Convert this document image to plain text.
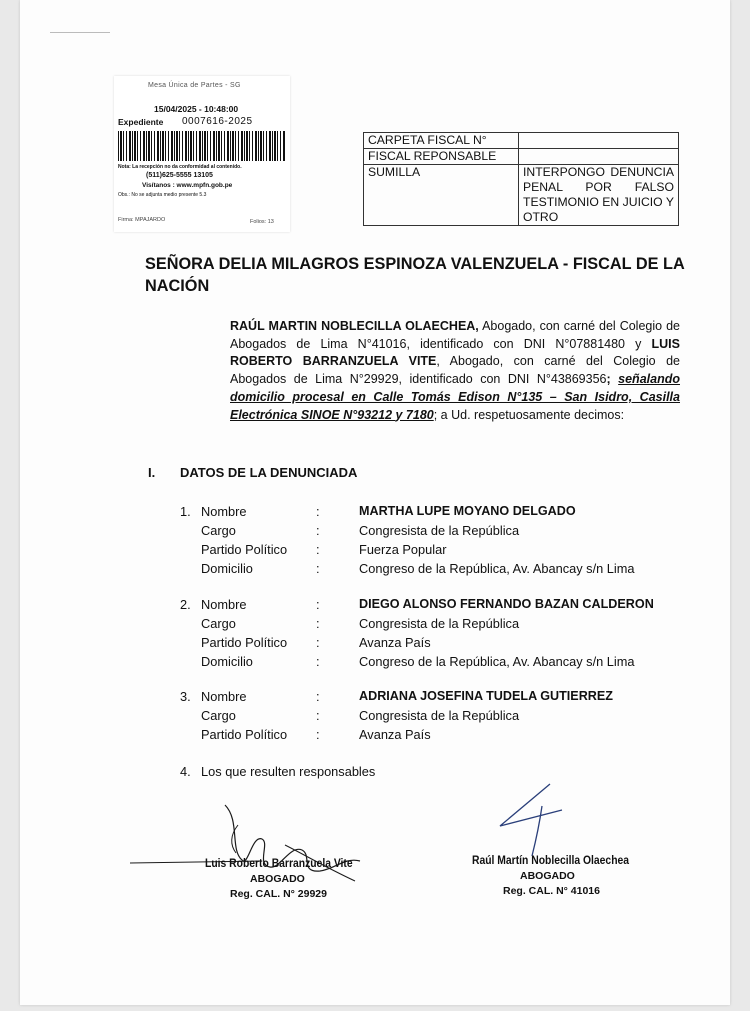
Mesa Única de Partes - SG
15/04/2025 - 10:48:00
Expediente 0007616-2025
Nota: La recepción no da conformidad al contenido.
(511)625-5555 13105
Visítanos : www.mpfn.gob.pe
Obs.: No se adjunta medio presente 5.3
Firma: MPAJARDO	Folios: 13
CARPETA FISCAL N°	
FISCAL REPONSABLE	
SUMILLA	INTERPONGO DENUNCIA PENAL POR FALSO TESTIMONIO EN JUICIO Y OTRO
SEÑORA DELIA MILAGROS ESPINOZA VALENZUELA - FISCAL DE LA NACIÓN
RAÚL MARTIN NOBLECILLA OLAECHEA, Abogado, con carné del Colegio de Abogados de Lima N°41016, identificado con DNI N°07881480 y LUIS ROBERTO BARRANZUELA VITE, Abogado, con carné del Colegio de Abogados de Lima N°29929, identificado con DNI N°43869356; señalando domicilio procesal en Calle Tomás Edison N°135 – San Isidro, Casilla Electrónica SINOE N°93212 y 7180; a Ud. respetuosamente decimos:
I. DATOS DE LA DENUNCIADA
1. Nombre	:	MARTHA LUPE MOYANO DELGADO
Cargo	:	Congresista de la República
Partido Político :	Fuerza Popular
Domicilio	:	Congreso de la República, Av. Abancay s/n Lima
2. Nombre	:	DIEGO ALONSO FERNANDO BAZAN CALDERON
Cargo	:	Congresista de la República
Partido Político :	Avanza País
Domicilio	:	Congreso de la República, Av. Abancay s/n Lima
3. Nombre	:	ADRIANA JOSEFINA TUDELA GUTIERREZ
Cargo	:	Congresista de la República
Partido Político :	Avanza País
4. Los que resulten responsables
Luis Roberto Barranzuela Vite
ABOGADO
Reg. CAL. N° 29929
Raúl Martín Noblecilla Olaechea
ABOGADO
Reg. CAL. N° 41016
